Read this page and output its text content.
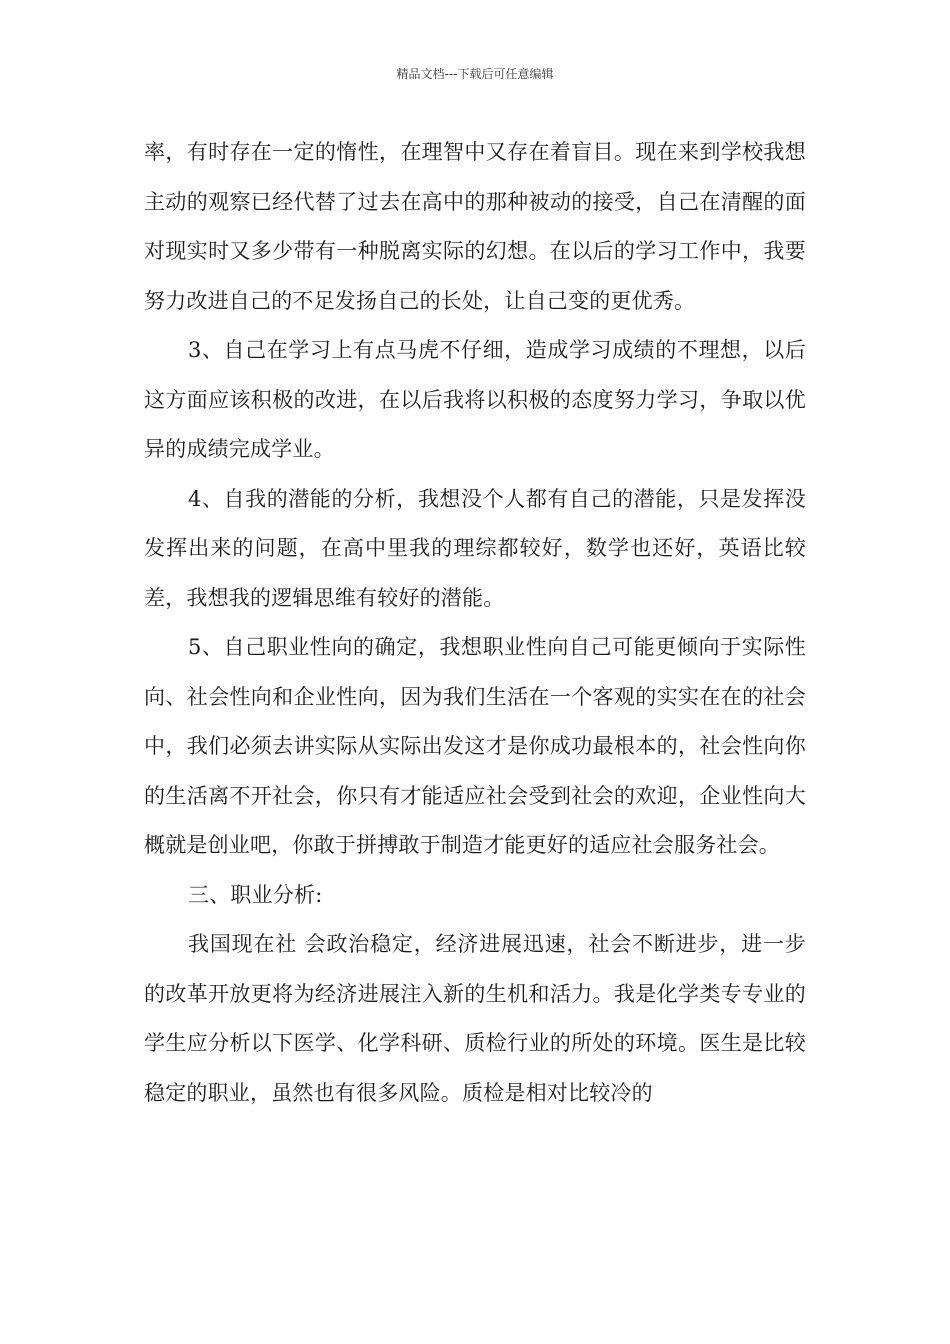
精品文档---下载后可任意编辑

率，有时存在一定的惰性，在理智中又存在着盲目。现在来到学校我想主动的观察已经代替了过去在高中的那种被动的接受，自己在清醒的面对现实时又多少带有一种脱离实际的幻想。在以后的学习工作中，我要努力改进自己的不足发扬自己的长处，让自己变的更优秀。

3、自己在学习上有点马虎不仔细，造成学习成绩的不理想，以后这方面应该积极的改进，在以后我将以积极的态度努力学习，争取以优异的成绩完成学业。

4、自我的潜能的分析，我想没个人都有自己的潜能，只是发挥没发挥出来的问题，在高中里我的理综都较好，数学也还好，英语比较差，我想我的逻辑思维有较好的潜能。

5、自己职业性向的确定，我想职业性向自己可能更倾向于实际性向、社会性向和企业性向，因为我们生活在一个客观的实实在在的社会中，我们必须去讲实际从实际出发这才是你成功最根本的，社会性向你的生活离不开社会，你只有才能适应社会受到社会的欢迎，企业性向大概就是创业吧，你敢于拼搏敢于制造才能更好的适应社会服务社会。

三、职业分析:

我国现在社 会政治稳定，经济进展迅速，社会不断进步，进一步的改革开放更将为经济进展注入新的生机和活力。我是化学类专专业的学生应分析以下医学、化学科研、质检行业的所处的环境。医生是比较稳定的职业，虽然也有很多风险。质检是相对比较冷的
